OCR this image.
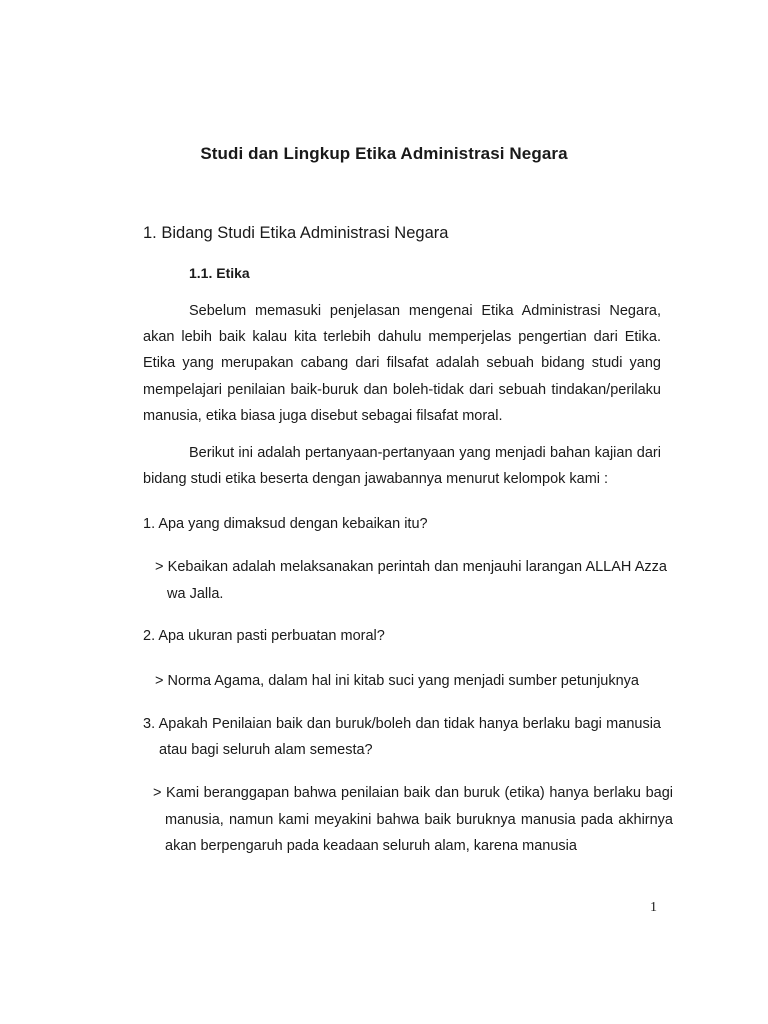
Studi dan Lingkup Etika Administrasi Negara
1. Bidang Studi Etika Administrasi Negara
1.1. Etika

Sebelum memasuki penjelasan mengenai Etika Administrasi Negara, akan lebih baik kalau kita terlebih dahulu memperjelas pengertian dari Etika. Etika yang merupakan cabang dari filsafat adalah sebuah bidang studi yang mempelajari penilaian baik-buruk dan boleh-tidak dari sebuah tindakan/perilaku manusia, etika biasa juga disebut sebagai filsafat moral.

Berikut ini adalah pertanyaan-pertanyaan yang menjadi bahan kajian dari bidang studi etika beserta dengan jawabannya menurut kelompok kami :

1. Apa yang dimaksud dengan kebaikan itu?

> Kebaikan adalah melaksanakan perintah dan menjauhi larangan ALLAH Azza wa Jalla.

2. Apa ukuran pasti perbuatan moral?

> Norma Agama, dalam hal ini kitab suci yang menjadi sumber petunjuknya

3. Apakah Penilaian baik dan buruk/boleh dan tidak hanya berlaku bagi manusia atau bagi seluruh alam semesta?

> Kami beranggapan bahwa penilaian baik dan buruk (etika) hanya berlaku bagi manusia, namun kami meyakini bahwa baik buruknya manusia pada akhirnya akan berpengaruh pada keadaan seluruh alam, karena manusia

1
